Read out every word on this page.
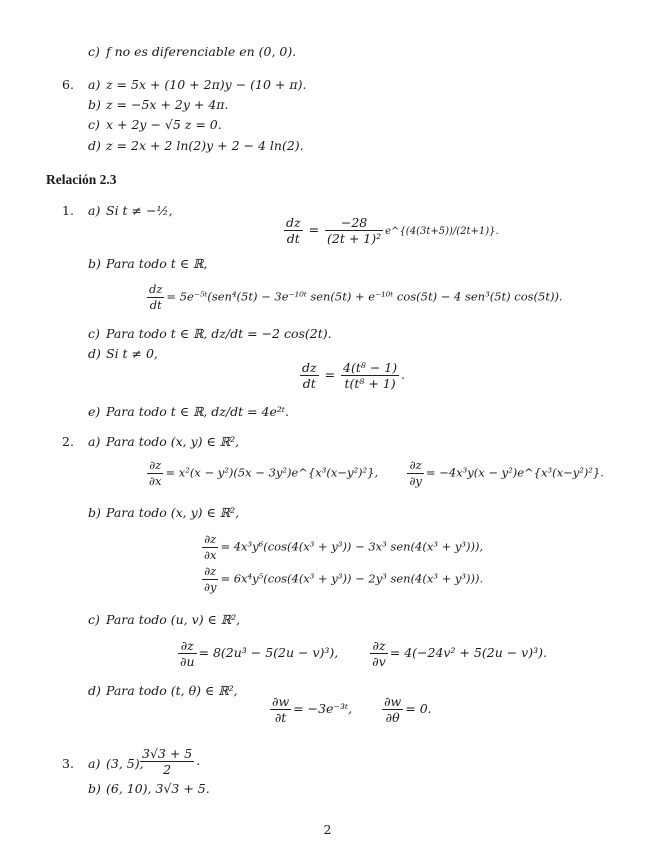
c) f no es diferenciable en (0, 0).
6. a) z = 5x + (10 + 2π)y − (10 + π).
b) z = −5x + 2y + 4π.
c) x + 2y − √5 z = 0.
d) z = 2x + 2 ln(2)y + 2 − 4 ln(2).
Relación 2.3
1. a) Si t ≠ −½,
$\frac{dz}{dt} = \frac{-28}{\text{(2t + 1)²}}$ e^{(4(3t+5))/(2t+1)}.
b) Para todo t ∈ ℝ,
$\frac{dz}{dt}$ = 5e⁻⁵ᵗ(sen⁴(5t) − 3e⁻¹⁰ᵗ sen(5t) + e⁻¹⁰ᵗ cos(5t) − 4 sen³(5t) cos(5t)).
c) Para todo t ∈ ℝ, dz/dt = −2 cos(2t).
d) Si t ≠ 0,
$\frac{dz}{dt} = \frac{\text{4(t⁸ − 1)}}{\text{t(t⁸ + 1)}}$ .
e) Para todo t ∈ ℝ, dz/dt = 4e²ᵗ.
2. a) Para todo (x, y) ∈ ℝ²,
$\frac{\partial z}{\partial x} = x^2(x - y^2)(5x$ − 3y²)e^{x³(x−y²)²},	$\frac{\partial z}{\partial y} = -4x^3y(x$ − y²)e^{x³(x−y²)²}.
b) Para todo (x, y) ∈ ℝ²,
$\frac{\partial z}{\partial x} = 4x^3y^6(\cos(4(x^3 + y^3)) - 3x^3$ sen(4(x³ + y³))),
$\frac{\partial z}{\partial y} = 6x^4y^5(\cos(4(x^3 + y^3)) - 2y^3$ sen(4(x³ + y³))).
c) Para todo (u, v) ∈ ℝ²,
$\frac{\partial z}{\partial u} = 8(2u^3 - 5(2u - v)^3)$,	$\frac{\partial z}{\partial v} = 4(-24v^2 + 5(2u - v)^3)$.
d) Para todo (t, θ) ∈ ℝ²,
$\frac{\partial w}{\partial t}$ = −3e⁻³ᵗ, $\frac{\partial w}{\partial\theta} = 0$.
3. a) (3, 5),
$\frac{3√3 + 5}{2}$ .
b) (6, 10), 3√3 + 5.
2
